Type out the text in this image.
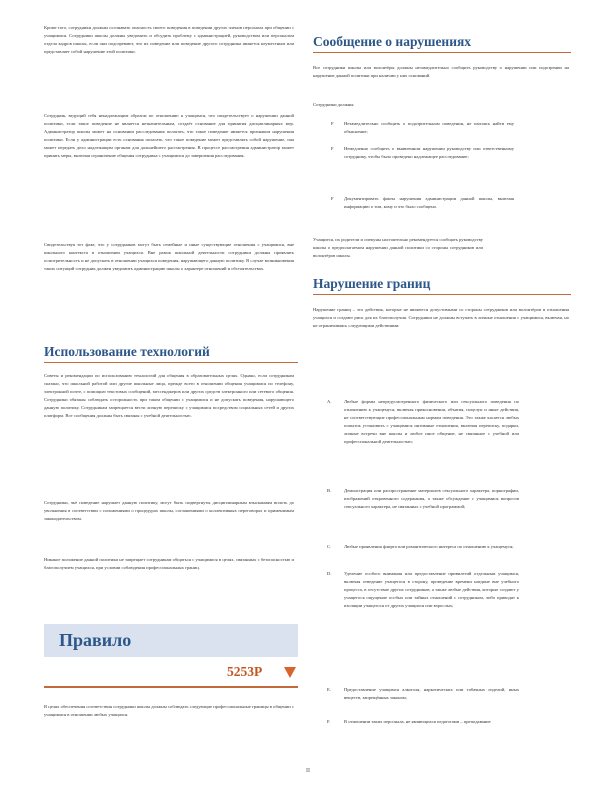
Кроме того, сотрудники должны осознавать опасность своего поведения в поведении других членов персонала при общении с учащимися. Сотрудники школы должны уведомить и обсудить проблему с администрацией, руководством или персоналом отдела кадров школы, если они подозревают, что их поведение или поведение другого сотрудника является неуместным или представляет собой нарушение этой политики.

Сотрудник, ведущий себя ненадлежащим образом по отношению к учащимся, что свидетельствует о нарушении данной политики, если такое поведение не является незначительным, создаёт основание для принятия дисциплинарных мер. Администратор школы может на основании расследования полагать, что такое поведение является признаком нарушения политики. Если у администрации есть основания полагать, что такое поведение может представлять собой нарушение, она может передать дело надлежащим органам для дальнейшего рассмотрения. В процессе рассмотрения администратор может принять меры, включая ограничение общения сотрудника с учащимися до завершения расследования.

Свидетельствуя тот факт, что у сотрудников могут быть семейные и иные существующие отношения с учащимися, вне школьного контекста в отношении учащихся. Вне рамок школьной деятельности сотрудники должны проявлять осмотрительность и не допускать в отношении учащихся поведения, нарушающего данную политику. В случае возникновения таких ситуаций сотрудник должен уведомить администрацию школы о характере отношений и обстоятельствах.

Использование технологий

Советы и рекомендации по использованию технологий для общения в образовательных целях. Однако, если сотрудникам сказано, что школьной работой или другие школьные лица, прежде всего в отношении общения учащимися по телефону, электронной почте, с помощью текстовых сообщений, мессенджеров или других средств электронного или сетевого общения. Сотрудники обязаны соблюдать осторожность при таком общении с учащимися и не допускать поведения, нарушающего данную политику. Сотрудникам запрещается вести личную переписку с учащимися посредством социальных сетей и других платформ. Все сообщения должны быть связаны с учебной деятельностью.

Сотрудники, чьё поведение нарушает данную политику, могут быть подвергнуты дисциплинарным взысканиям вплоть до увольнения в соответствии с положениями о процедурах школы, соглашениями о коллективных переговорах и применимым законодательством.

Никакое положение данной политики не запрещает сотрудникам общаться с учащимися в целях, связанных с безопасностью и благополучием учащихся, при условии соблюдения профессиональных границ.

Правило
5253P

В целях обеспечения соответствия сотрудники школы должны соблюдать следующие профессиональные границы в общении с учащимися в отношении любых учащихся.

Сообщение о нарушениях

Все сотрудники школы или волонтёры должны незамедлительно сообщить руководству о нарушении или подозрении на нарушение данной политики при наличии у них оснований.

Сотрудники должны:

F Незамедлительно сообщить о подозрительном поведении, не пытаясь найти ему объяснение;

F Немедленно сообщить о выявленном нарушении руководству или ответственному сотруднику, чтобы было проведено надлежащее расследование;

F Документировать факты нарушения администрации данной школы, включая информацию о том, кому и что было сообщено.

Учащиеся, их родители и опекуны настоятельно рекомендуется сообщать руководству школы о предполагаемом нарушении данной политики со стороны сотрудников или волонтёров школы.

Нарушение границ

Нарушение границ – это действия, которые не являются допустимыми со стороны сотрудников или волонтёров в отношении учащихся и создают риск для их благополучия. Сотрудники не должны вступать в личные отношения с учащимися, включая, но не ограничиваясь следующими действиями:

A.	Любые формы непредусмотренного физического или сексуального поведения по отношению к учащемуся, включая прикосновения, объятия, поцелуи и иные действия, не соответствующие профессиональным нормам поведения. Это также касается любых попыток установить с учащимися интимные отношения, включая переписку, подарки, личные встречи вне школы и любое иное общение, не связанное с учебной или профессиональной деятельностью;

B.	Демонстрация или распространение материалов сексуального характера, порнографии, изображений откровенного содержания, а также обсуждение с учащимися вопросов сексуального характера, не связанных с учебной программой;

C.	Любые проявления флирта или романтического интереса по отношению к учащемуся;

D.	Уделение особого внимания или предоставление привилегий отдельным учащимся, включая отведение учащегося в сторону, проведение времени наедине вне учебного процесса, в отсутствие других сотрудников, а также любые действия, которые создают у учащегося ощущение особых или тайных отношений с сотрудником, либо приводят к изоляции учащегося от других учащихся или взрослых;

E.	Предоставление учащимся алкоголя, наркотических или табачных изделий, иных веществ, запрещённых законом;

F.	В отношении таких персонала, не являющихся педагогами – преподавание

II
